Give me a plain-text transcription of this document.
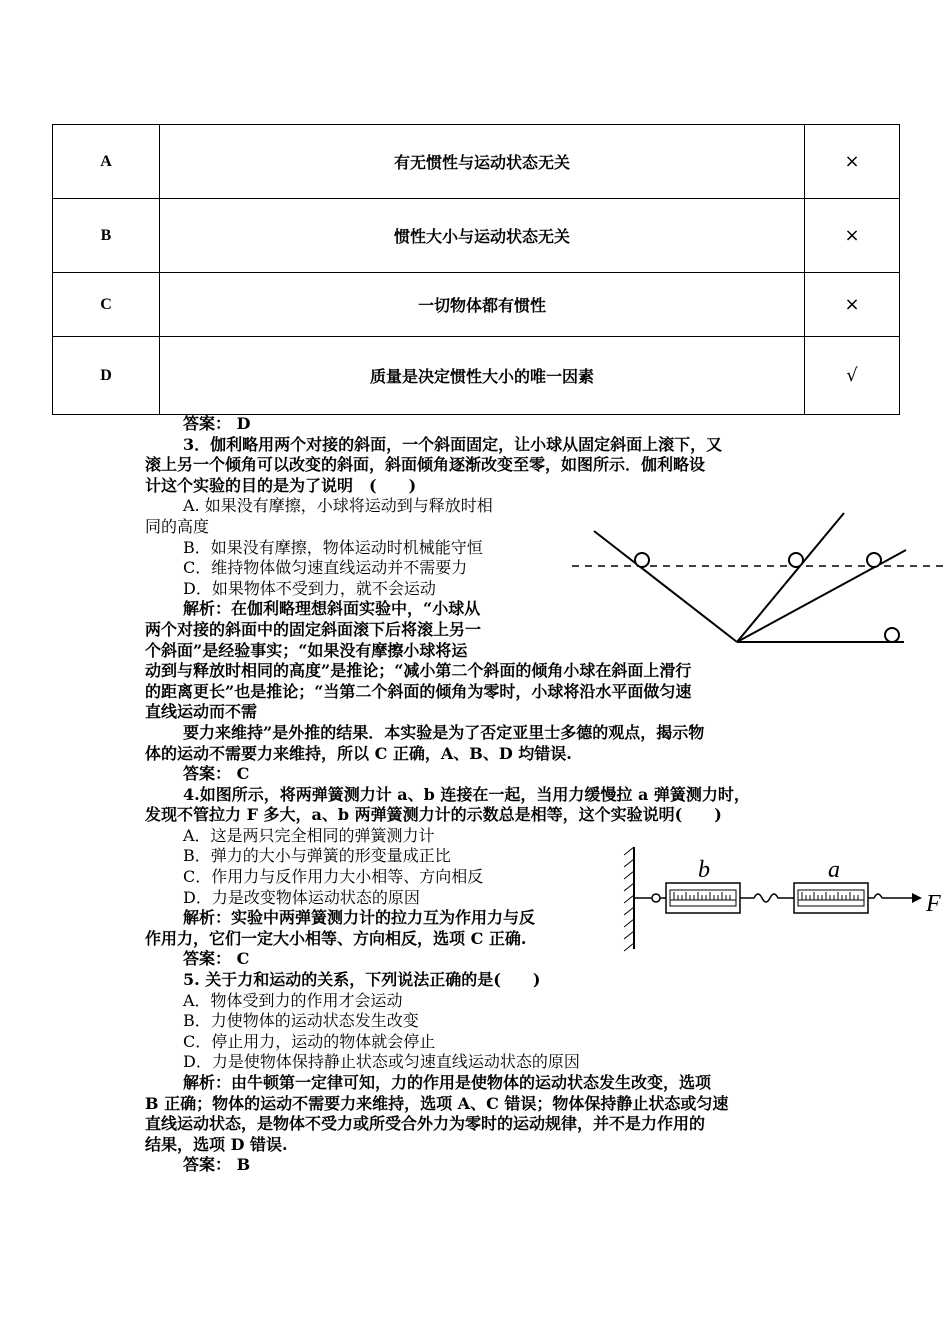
A	有无惯性与运动状态无关	×
B	惯性大小与运动状态无关	×
C	一切物体都有惯性	×
D	质量是决定惯性大小的唯一因素	√
答案： D
3．伽利略用两个对接的斜面，一个斜面固定，让小球从固定斜面上滚下，又
滚上另一个倾角可以改变的斜面，斜面倾角逐渐改变至零，如图所示．伽利略设
计这个实验的目的是为了说明　(　　)
A. 如果没有摩擦，小球将运动到与释放时相
同的高度
B．如果没有摩擦，物体运动时机械能守恒
C．维持物体做匀速直线运动并不需要力
D．如果物体不受到力，就不会运动
解析：在伽利略理想斜面实验中，“小球从
两个对接的斜面中的固定斜面滚下后将滚上另一
个斜面”是经验事实；“如果没有摩擦小球将运
动到与释放时相同的高度”是推论；“减小第二个斜面的倾角小球在斜面上滑行
的距离更长”也是推论；“当第二个斜面的倾角为零时，小球将沿水平面做匀速
直线运动而不需
要力来维持”是外推的结果．本实验是为了否定亚里士多德的观点，揭示物
体的运动不需要力来维持，所以 C 正确，A、B、D 均错误.
答案： C
4.如图所示，将两弹簧测力计 a、b 连接在一起，当用力缓慢拉 a 弹簧测力时，
发现不管拉力 F 多大，a、b 两弹簧测力计的示数总是相等，这个实验说明(　　)
A．这是两只完全相同的弹簧测力计
B．弹力的大小与弹簧的形变量成正比
C．作用力与反作用力大小相等、方向相反
D．力是改变物体运动状态的原因
解析：实验中两弹簧测力计的拉力互为作用力与反
作用力，它们一定大小相等、方向相反，选项 C 正确.
答案： C
5. 关于力和运动的关系，下列说法正确的是(　　)
A．物体受到力的作用才会运动
B．力使物体的运动状态发生改变
C．停止用力，运动的物体就会停止
D．力是使物体保持静止状态或匀速直线运动状态的原因
解析：由牛顿第一定律可知，力的作用是使物体的运动状态发生改变，选项
B 正确；物体的运动不需要力来维持，选项 A、C 错误；物体保持静止状态或匀速
直线运动状态，是物体不受力或所受合外力为零时的运动规律，并不是力作用的
结果，选项 D 错误.
答案： B
b	a
F
